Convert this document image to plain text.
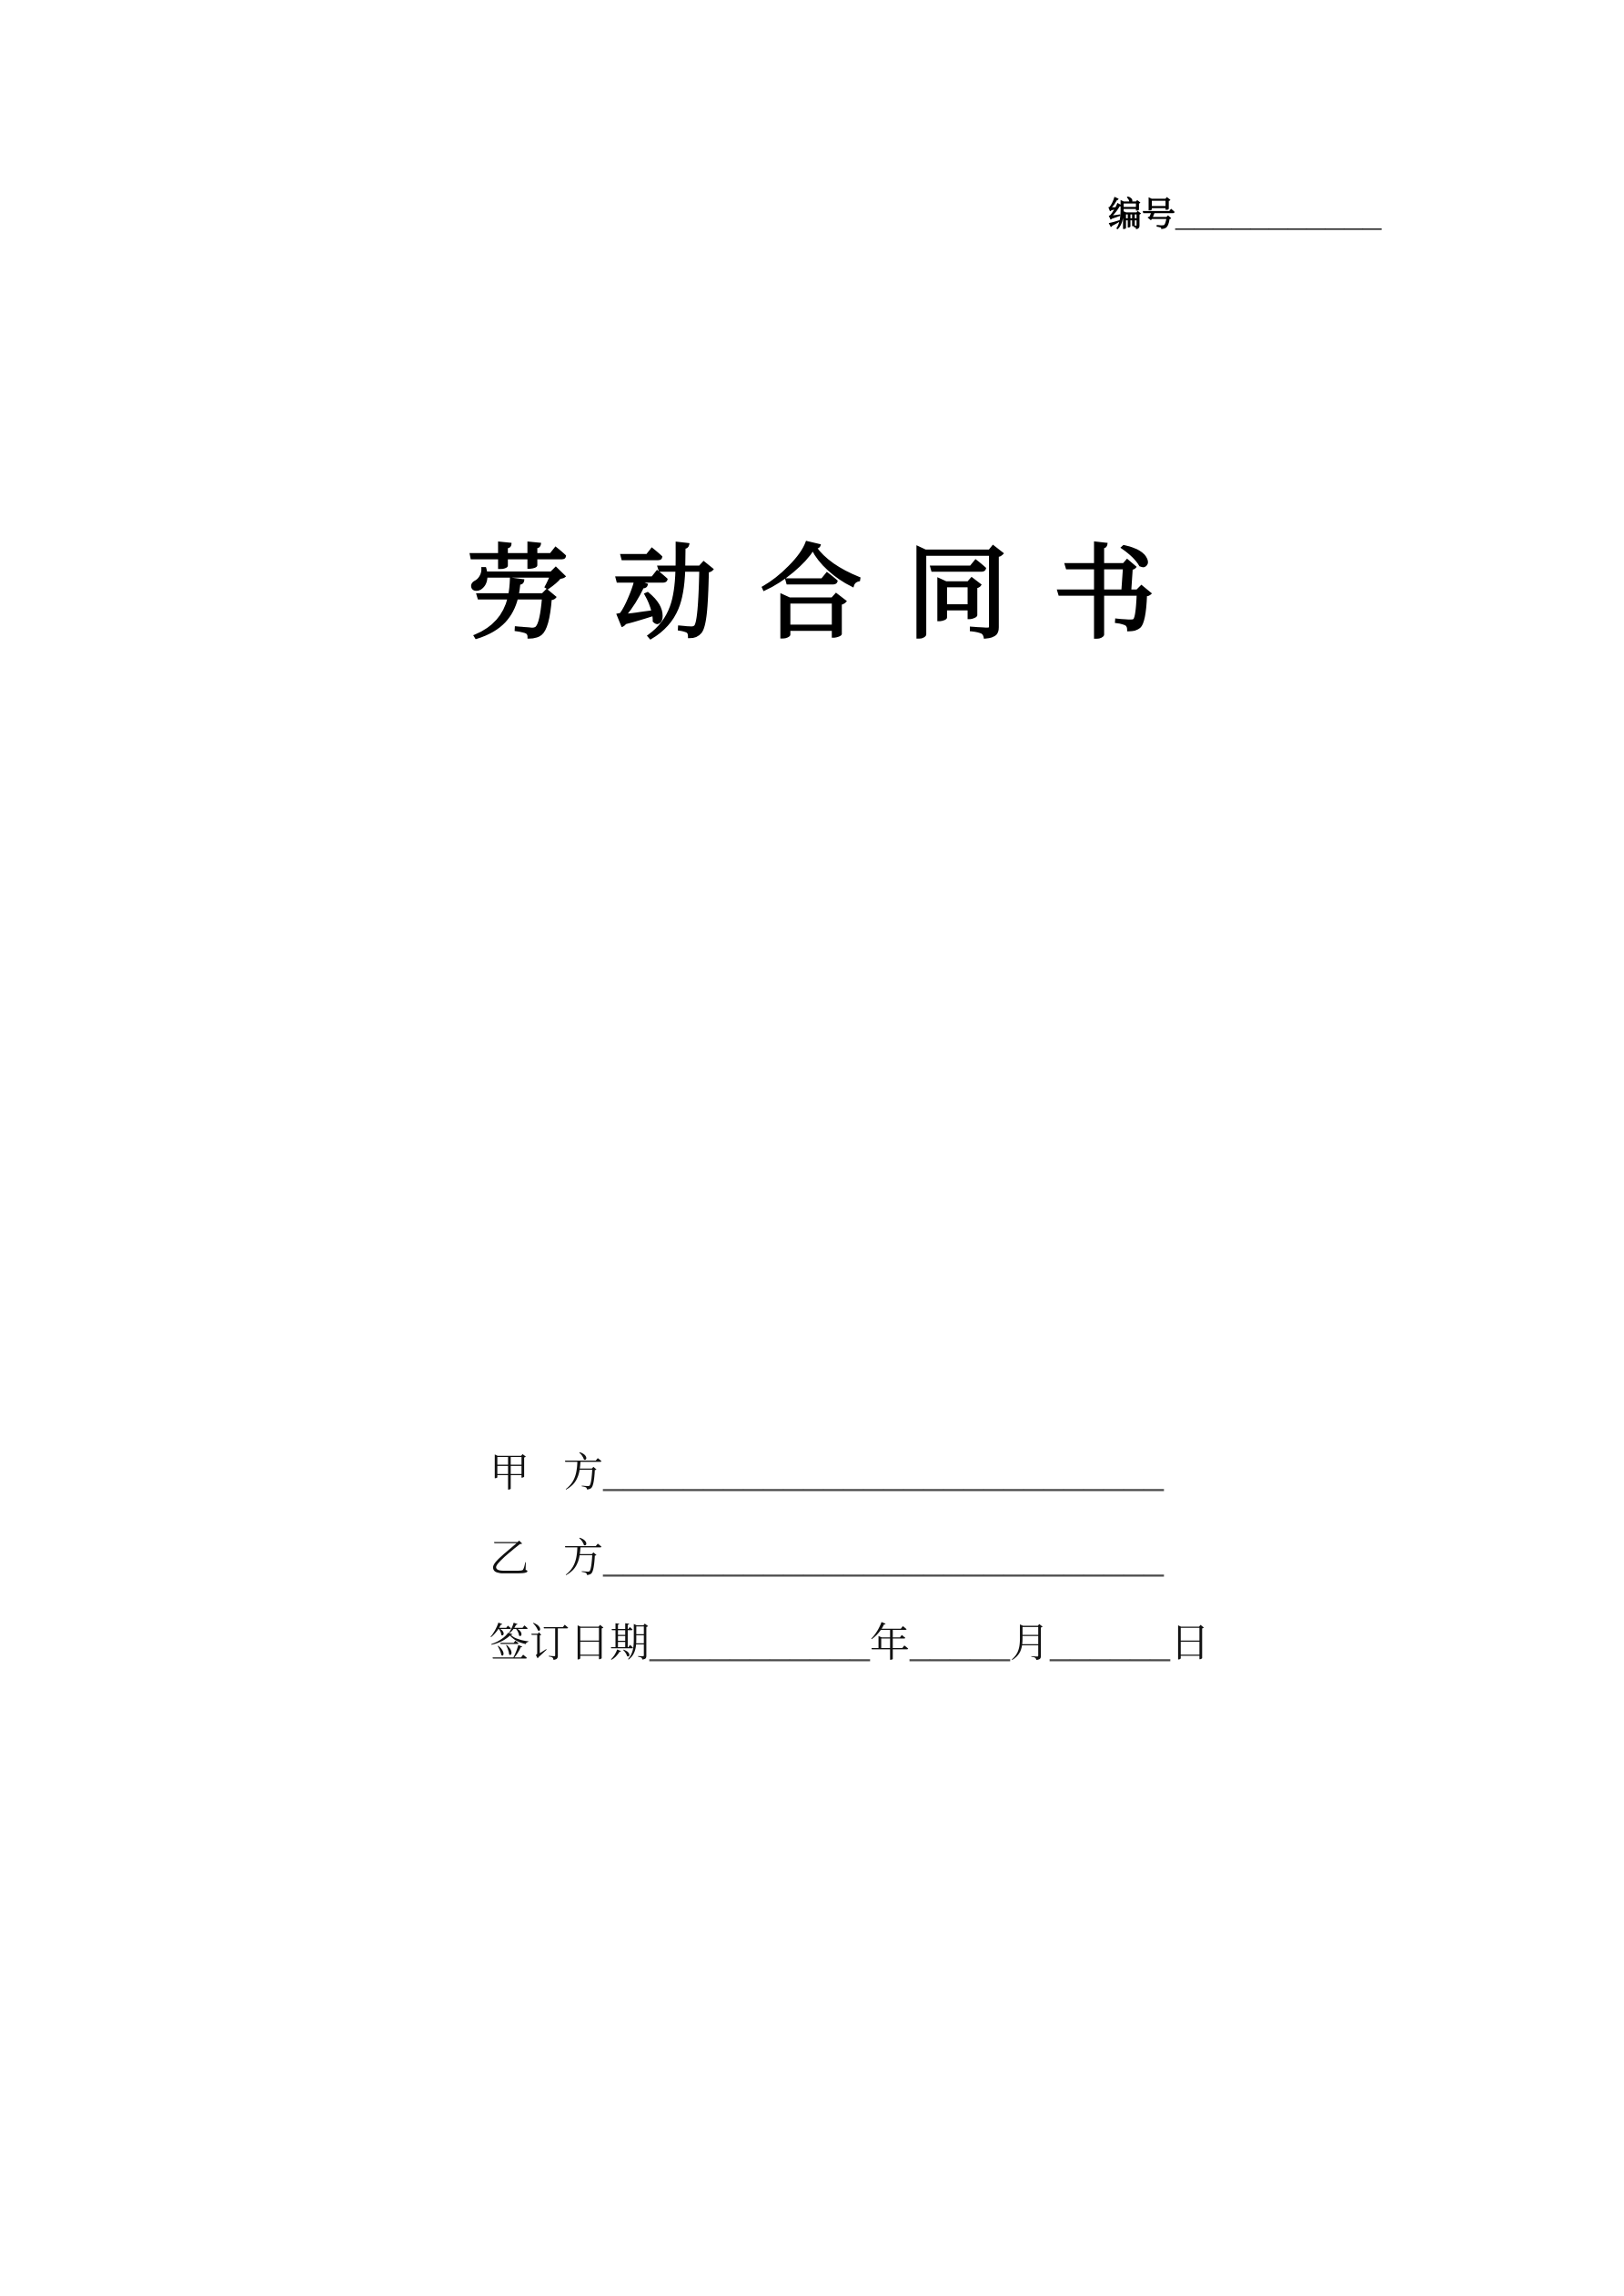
编号___________
劳 动 合 同 书
甲 方____________________________
乙 方____________________________
签订日期___________年_____月______日
